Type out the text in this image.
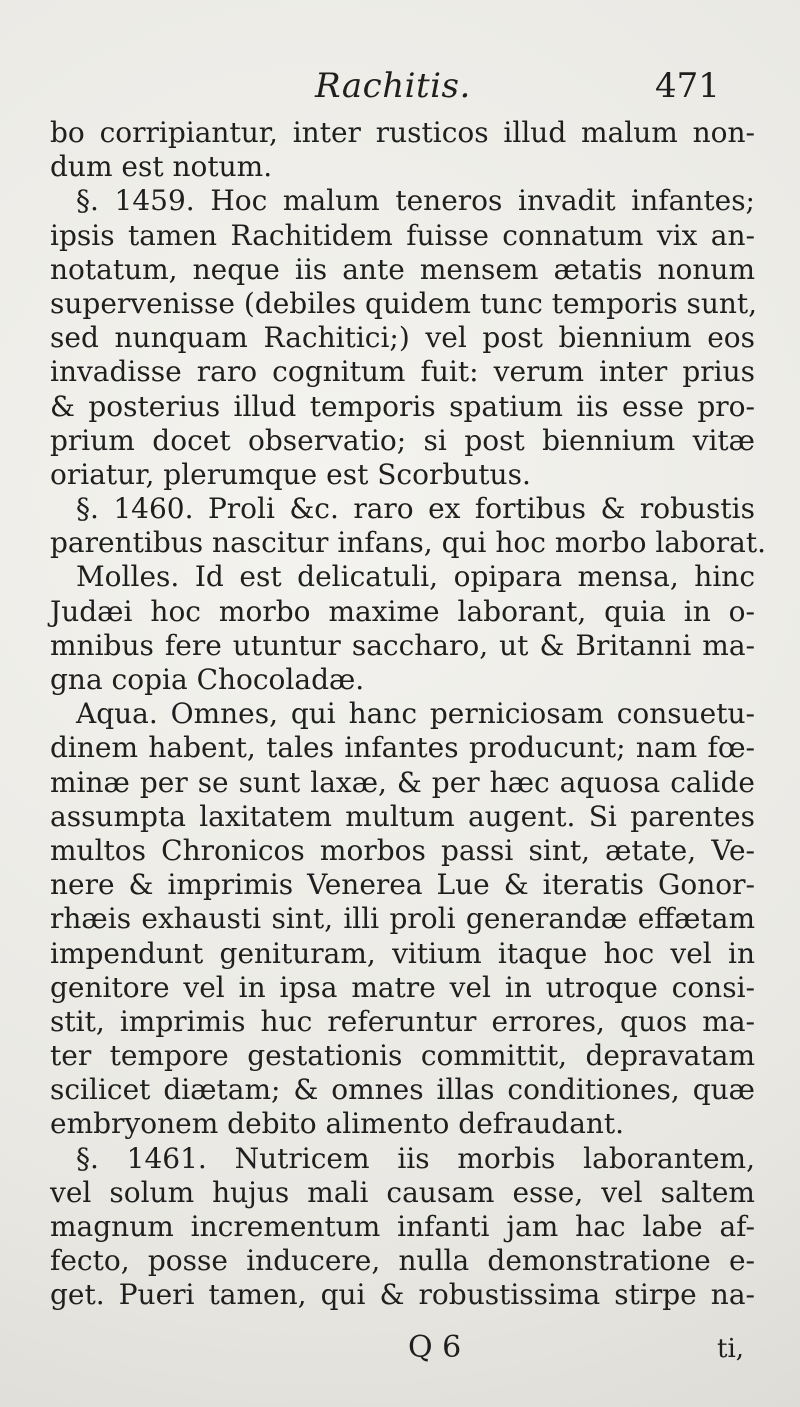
Rachitis.	471
bo corripiantur, inter rusticos illud malum non-
dum est notum.
§. 1459. Hoc malum teneros invadit infantes;
ipsis tamen Rachitidem fuisse connatum vix an-
notatum, neque iis ante mensem ætatis nonum
supervenisse (debiles quidem tunc temporis sunt,
sed nunquam Rachitici;) vel post biennium eos
invadisse raro cognitum fuit: verum inter prius
& posterius illud temporis spatium iis esse pro-
prium docet observatio; si post biennium vitæ
oriatur, plerumque est Scorbutus.
§. 1460. Proli &c. raro ex fortibus & robustis
parentibus nascitur infans, qui hoc morbo laborat.
Molles. Id est delicatuli, opipara mensa, hinc
Judæi hoc morbo maxime laborant, quia in o-
mnibus fere utuntur saccharo, ut & Britanni ma-
gna copia Chocoladæ.
Aqua. Omnes, qui hanc perniciosam consuetu-
dinem habent, tales infantes producunt; nam fœ-
minæ per se sunt laxæ, & per hæc aquosa calide
assumpta laxitatem multum augent. Si parentes
multos Chronicos morbos passi sint, ætate, Ve-
nere & imprimis Venerea Lue & iteratis Gonor-
rhæis exhausti sint, illi proli generandæ effætam
impendunt genituram, vitium itaque hoc vel in
genitore vel in ipsa matre vel in utroque consi-
stit, imprimis huc referuntur errores, quos ma-
ter tempore gestationis committit, depravatam
scilicet diætam; & omnes illas conditiones, quæ
embryonem debito alimento defraudant.
§. 1461. Nutricem iis morbis laborantem,
vel solum hujus mali causam esse, vel saltem
magnum incrementum infanti jam hac labe af-
fecto, posse inducere, nulla demonstratione e-
get. Pueri tamen, qui & robustissima stirpe na-
Q 6	ti,
